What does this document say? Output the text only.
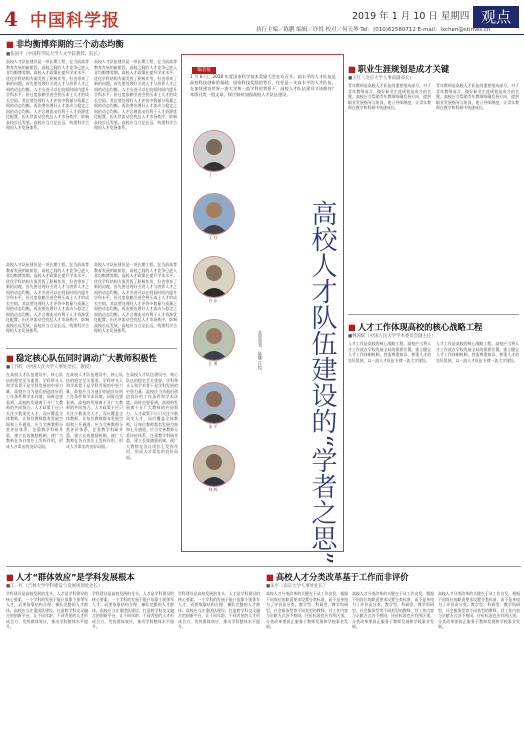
4 中国科学报	2019 年 1 月 10 日 星期四 观点
执行主编／陈鹏 编辑／许悦 校对／何天琴 Tel：(010)62580712 E-mail：lxchen@stimes.cn
■ 非均衡博弈期的三个动态均衡
■张国平（中国科学院大学人文学院教授、院长）
高校人才队伍建设是一项长期工程，在当前高等教育发展的新阶段，高校之间的人才竞争已进入非均衡博弈期。高校人才政策在提升学术水平、优化学科结构方面发挥了积极作用，但也带来了新的问题。首先要处理好引进人才与培养人才之间的动态均衡。人才引进可以在较短时间内提升学科水平，但过度依赖引进会挤压本土人才的成长空间。其次要处理好人才评价中数量与质量之间的动态均衡。再次要处理好人才流动与稳定之间的动态均衡。人才合理流动有利于人才资源优化配置，但无序流动会扰乱人才市场秩序，影响高校长远发展。高校应当立足长远，构建科学合理的人才发展体系。
高校人才队伍建设是一项长期工程，在当前高等教育发展的新阶段，高校之间的人才竞争已进入非均衡博弈期。高校人才政策在提升学术水平、优化学科结构方面发挥了积极作用，但也带来了新的问题。首先要处理好引进人才与培养人才之间的动态均衡。人才引进可以在较短时间内提升学科水平，但过度依赖引进会挤压本土人才的成长空间。其次要处理好人才评价中数量与质量之间的动态均衡。再次要处理好人才流动与稳定之间的动态均衡。人才合理流动有利于人才资源优化配置，但无序流动会扰乱人才市场秩序，影响高校长远发展。高校应当立足长远，构建科学合理的人才发展体系。
高校人才队伍建设是一项长期工程，在当前高等教育发展的新阶段，高校之间的人才竞争已进入非均衡博弈期。高校人才政策在提升学术水平、优化学科结构方面发挥了积极作用，但也带来了新的问题。首先要处理好引进人才与培养人才之间的动态均衡。人才引进可以在较短时间内提升学科水平，但过度依赖引进会挤压本土人才的成长空间。其次要处理好人才评价中数量与质量之间的动态均衡。再次要处理好人才流动与稳定之间的动态均衡。人才合理流动有利于人才资源优化配置，但无序流动会扰乱人才市场秩序，影响高校长远发展。高校应当立足长远，构建科学合理的人才发展体系。
高校人才队伍建设是一项长期工程，在当前高等教育发展的新阶段，高校之间的人才竞争已进入非均衡博弈期。高校人才政策在提升学术水平、优化学科结构方面发挥了积极作用，但也带来了新的问题。首先要处理好引进人才与培养人才之间的动态均衡。人才引进可以在较短时间内提升学科水平，但过度依赖引进会挤压本土人才的成长空间。其次要处理好人才评价中数量与质量之间的动态均衡。再次要处理好人才流动与稳定之间的动态均衡。人才合理流动有利于人才资源优化配置，但无序流动会扰乱人才市场秩序，影响高校长远发展。高校应当立足长远，构建科学合理的人才发展体系。
■ 稳定核心队伍同时调动广大教师积极性
■丁伟红（中国人民大学人事处处长、教授）
在高校人才队伍建设中，核心队伍的稳定至关重要。学科带头人和学术骨干是学科发展的中坚力量，高校应当为他们创造良好的工作条件和学术环境。同时也要看到，高校的发展离不开广大教师的共同努力。人才政策不应只关注少数顶尖人才，而应覆盖全体教师，让每位教师都有发展空间和上升通道。应当完善教师分类评价体系，注重教学科研并重，建立长效激励机制，使广大教师在各自岗位上发挥作用，形成人才辈出的良好局面。
在高校人才队伍建设中，核心队伍的稳定至关重要。学科带头人和学术骨干是学科发展的中坚力量，高校应当为他们创造良好的工作条件和学术环境。同时也要看到，高校的发展离不开广大教师的共同努力。人才政策不应只关注少数顶尖人才，而应覆盖全体教师，让每位教师都有发展空间和上升通道。应当完善教师分类评价体系，注重教学科研并重，建立长效激励机制，使广大教师在各自岗位上发挥作用，形成人才辈出的良好局面。
在高校人才队伍建设中，核心队伍的稳定至关重要。学科带头人和学术骨干是学科发展的中坚力量，高校应当为他们创造良好的工作条件和学术环境。同时也要看到，高校的发展离不开广大教师的共同努力。人才政策不应只关注少数顶尖人才，而应覆盖全体教师，让每位教师都有发展空间和上升通道。应当完善教师分类评价体系，注重教学科研并重，建立长效激励机制，使广大教师在各自岗位上发挥作用，形成人才辈出的良好局面。
■ 人才“群体效应”是学科发展根本
■江一红（吉林大学学科建设与发展规划处处长）
学科建设是高校发展的龙头，人才是学科建设的核心要素。一个学科的发展不能只依靠个别领军人才，而要依靠结构合理、梯队完整的人才群体。高校应当注重团队建设，打造跨学科交叉融合的创新平台，让不同年龄、不同背景的人才形成合力，发挥群体效应，推动学科整体水平提升。
学科建设是高校发展的龙头，人才是学科建设的核心要素。一个学科的发展不能只依靠个别领军人才，而要依靠结构合理、梯队完整的人才群体。高校应当注重团队建设，打造跨学科交叉融合的创新平台，让不同年龄、不同背景的人才形成合力，发挥群体效应，推动学科整体水平提升。
学科建设是高校发展的龙头，人才是学科建设的核心要素。一个学科的发展不能只依靠个别领军人才，而要依靠结构合理、梯队完整的人才群体。高校应当注重团队建设，打造跨学科交叉融合的创新平台，让不同年龄、不同背景的人才形成合力，发挥群体效应，推动学科整体水平提升。
■ 高校人才分类改革基于工作而非评价
■朱平（南京大学人事处处长）
高校人才分类改革的关键在于从工作出发，根据不同岗位的职责要求设置分类标准，而不是单纯为了评价而分类。教学型、科研型、教学科研型、社会服务型等不同类型的教师，其工作内容与贡献方式各不相同，评价标准也应有所区别。分类改革要真正服务于教师发展和学校事业发展。
高校人才分类改革的关键在于从工作出发，根据不同岗位的职责要求设置分类标准，而不是单纯为了评价而分类。教学型、科研型、教学科研型、社会服务型等不同类型的教师，其工作内容与贡献方式各不相同，评价标准也应有所区别。分类改革要真正服务于教师发展和学校事业发展。
高校人才分类改革的关键在于从工作出发，根据不同岗位的职责要求设置分类标准，而不是单纯为了评价而分类。教学型、科研型、教学科研型、社会服务型等不同类型的教师，其工作内容与贡献方式各不相同，评价标准也应有所区别。分类改革要真正服务于教师发展和学校事业发展。
■ 职业生涯规划是成才关键
■王红（北京大学人事部副部长）
青年教师是高校人才队伍的重要组成部分。对于青年教师而言，做好职业生涯规划是成才的关键。高校应当帮助青年教师明确发展方向，提供职业发展指导与培训，建立导师制度，让青年教师在教学和科研中快速成长。
青年教师是高校人才队伍的重要组成部分。对于青年教师而言，做好职业生涯规划是成才的关键。高校应当帮助青年教师明确发展方向，提供职业发展指导与培训，建立导师制度，让青年教师在教学和科研中快速成长。
■ 人才工作体现高校的核心战略工程
■林国辉（中国人民大学学术委员会副主任）
人才工作是高校的核心战略工程。高校应当将人才工作放在学校发展全局的重要位置，建立健全人才工作体制机制，营造尊重知识、尊重人才的良好氛围，以一流人才队伍支撑一流大学建设。
人才工作是高校的核心战略工程。高校应当将人才工作放在学校发展全局的重要位置，建立健全人才工作体制机制，营造尊重知识、尊重人才的良好氛围，以一流人才队伍支撑一流大学建设。
编者按
1 月 8 日，2018 年度国家科学技术奖励大会在京召开。高水平的人才队伍是高校科技创新的基础。国家科技奖励的背后，往往是一支高水平的人才队伍。在加快建设世界一流大学和一流学科的背景下，高校人才队伍建设又该如何？本版刊发一组文章，探讨如何加强高校人才队伍建设。
丁 一
王 红
许 东
江 勇
朱 平
林 辉	高校人才队伍建设的“学者之思”
本版策划：陈鹏 许悦
